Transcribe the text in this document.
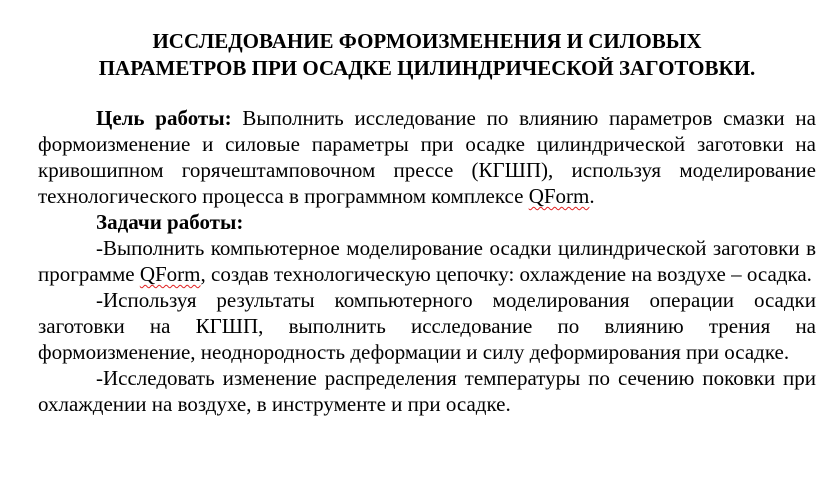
ИССЛЕДОВАНИЕ ФОРМОИЗМЕНЕНИЯ И СИЛОВЫХ
ПАРАМЕТРОВ ПРИ ОСАДКЕ ЦИЛИНДРИЧЕСКОЙ ЗАГОТОВКИ.

Цель работы: Выполнить исследование по влиянию параметров смазки на формоизменение и силовые параметры при осадке цилиндрической заготовки на кривошипном горячештамповочном прессе (КГШП), используя моделирование технологического процесса в программном комплексе QForm.

Задачи работы:

-Выполнить компьютерное моделирование осадки цилиндрической заготовки в программе QForm, создав технологическую цепочку: охлаждение на воздухе – осадка.

-Используя результаты компьютерного моделирования операции осадки заготовки на КГШП, выполнить исследование по влиянию трения на формоизменение, неоднородность деформации и силу деформирования при осадке.

-Исследовать изменение распределения температуры по сечению поковки при охлаждении на воздухе, в инструменте и при осадке.
